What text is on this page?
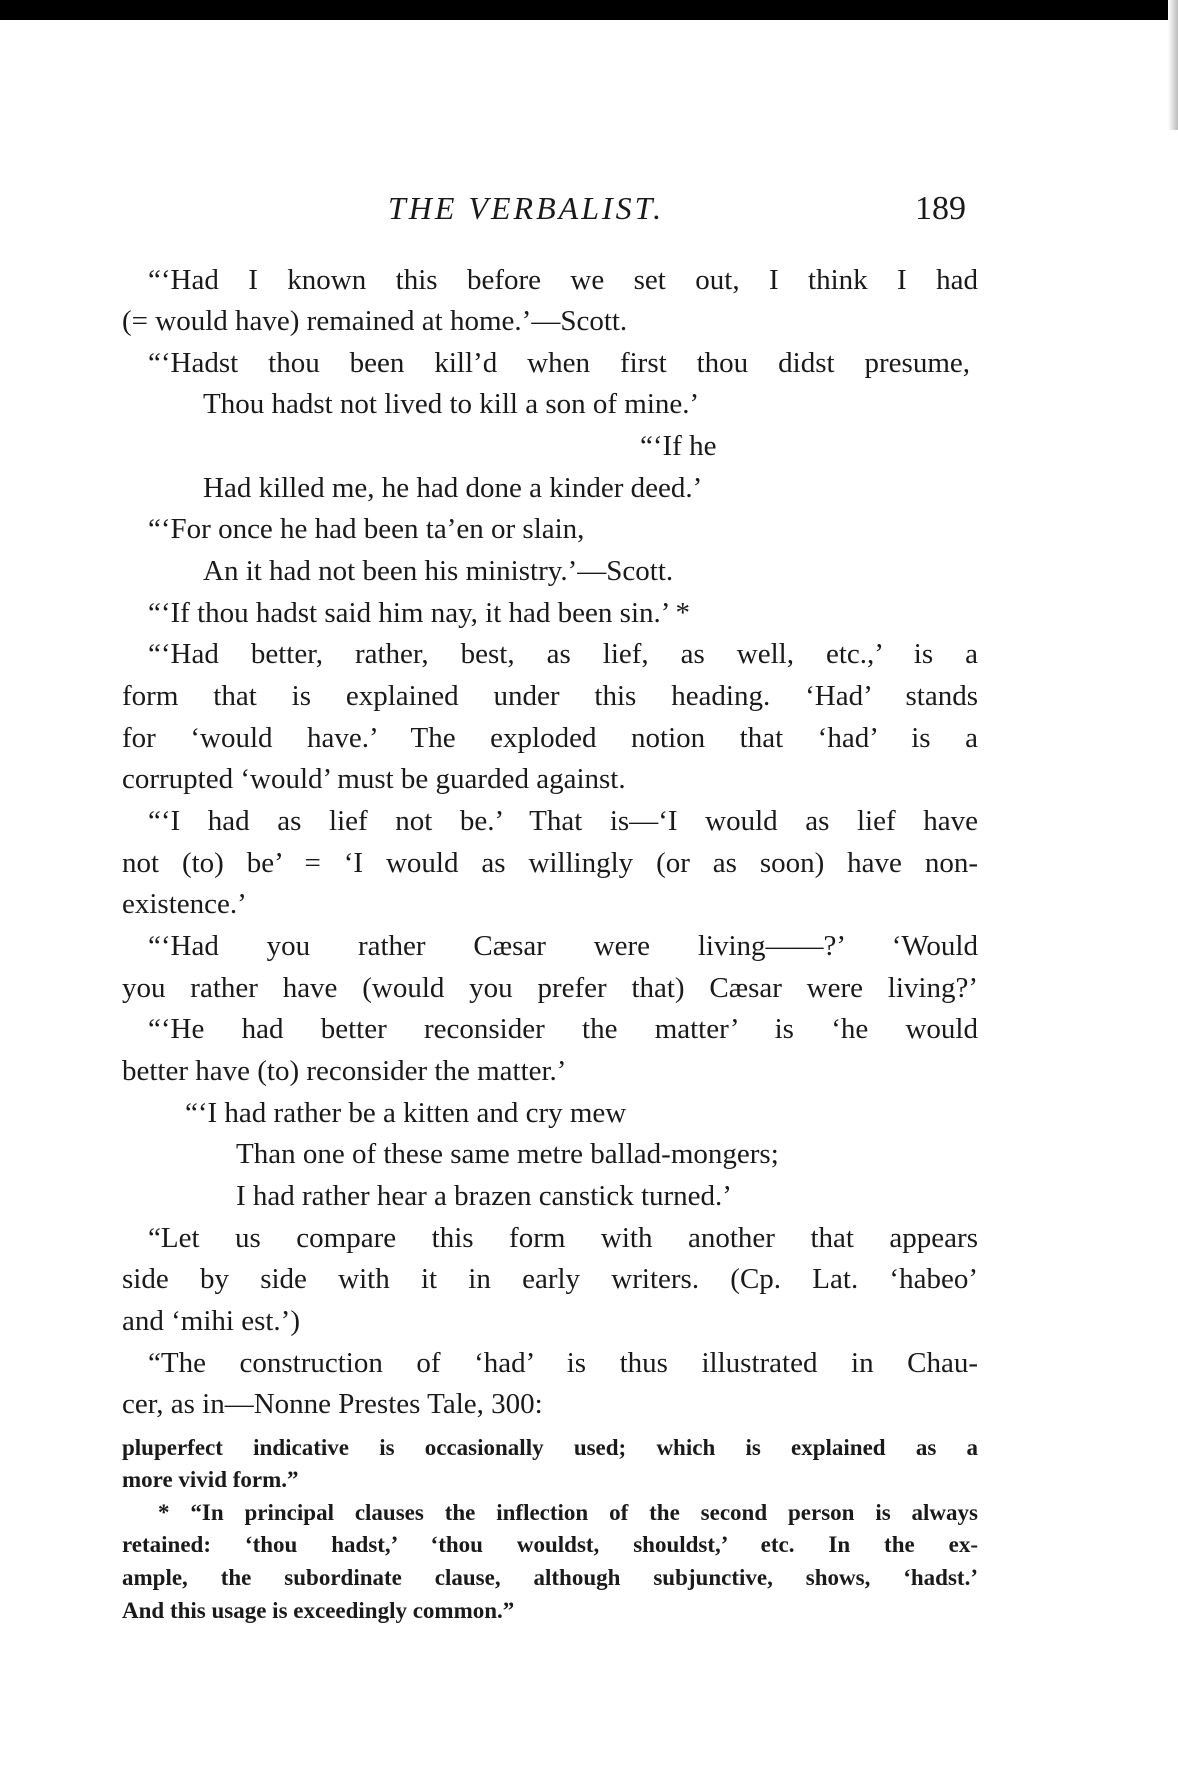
THE VERBALIST.	189
“‘Had I known this before we set out, I think I had
(= would have) remained at home.’—Scott.
“‘Hadst thou been kill’d when first thou didst presume,
Thou hadst not lived to kill a son of mine.’
“‘If he
Had killed me, he had done a kinder deed.’
“‘For once he had been ta’en or slain,
An it had not been his ministry.’—Scott.
“‘If thou hadst said him nay, it had been sin.’ *
“‘Had better, rather, best, as lief, as well, etc.,’ is a
form that is explained under this heading. ‘Had’ stands
for ‘would have.’ The exploded notion that ‘had’ is a
corrupted ‘would’ must be guarded against.
“‘I had as lief not be.’ That is—‘I would as lief have
not (to) be’ = ‘I would as willingly (or as soon) have non-
existence.’
“‘Had you rather Cæsar were living——?’ ‘Would
you rather have (would you prefer that) Cæsar were living?’
“‘He had better reconsider the matter’ is ‘he would
better have (to) reconsider the matter.’
“‘I had rather be a kitten and cry mew
Than one of these same metre ballad-mongers;
I had rather hear a brazen canstick turned.’
“Let us compare this form with another that appears
side by side with it in early writers. (Cp. Lat. ‘habeo’
and ‘mihi est.’)
“The construction of ‘had’ is thus illustrated in Chau-
cer, as in—Nonne Prestes Tale, 300:
pluperfect indicative is occasionally used; which is explained as a
more vivid form.”
* “In principal clauses the inflection of the second person is always
retained: ‘thou hadst,’ ‘thou wouldst, shouldst,’ etc. In the ex-
ample, the subordinate clause, although subjunctive, shows, ‘hadst.’
And this usage is exceedingly common.”
